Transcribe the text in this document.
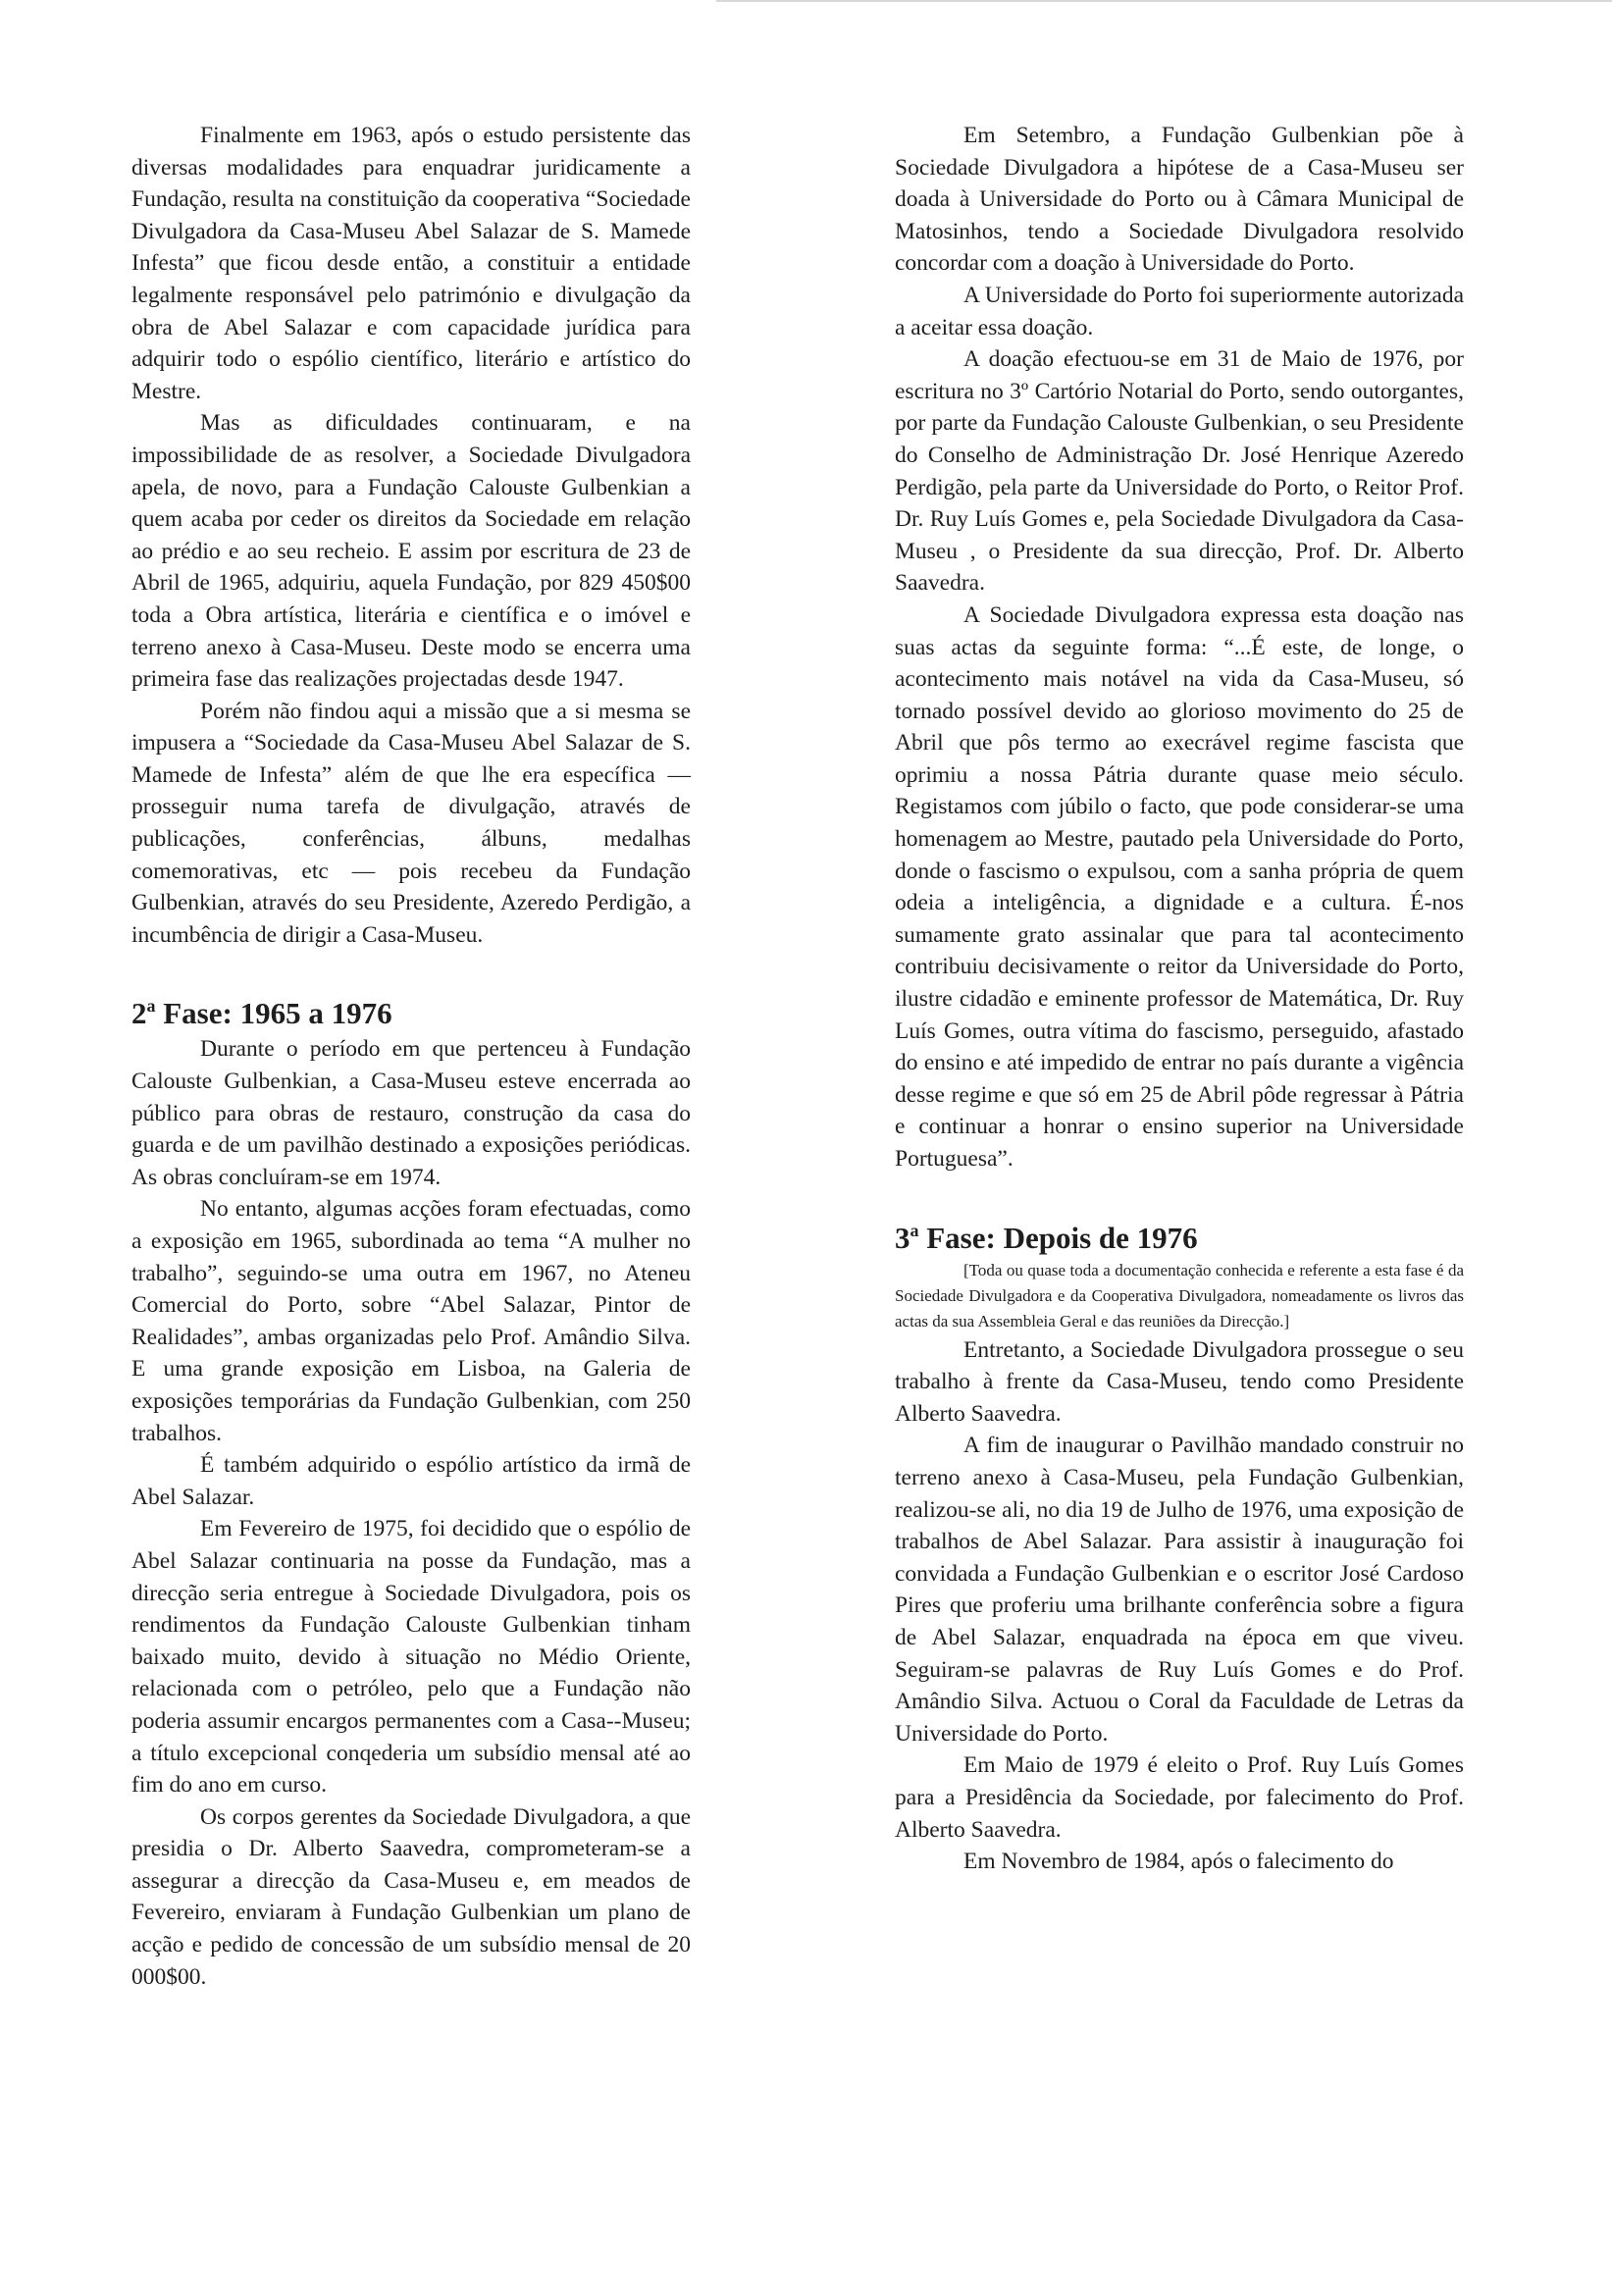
Finalmente em 1963, após o estudo persistente das diversas modalidades para enquadrar juridicamente a Fundação, resulta na constituição da cooperativa “Sociedade Divulgadora da Casa-Museu Abel Salazar de S. Mamede Infesta” que ficou desde então, a constituir a entidade legalmente responsável pelo património e divulgação da obra de Abel Salazar e com capacidade jurídica para adquirir todo o espólio científico, literário e artístico do Mestre.

Mas as dificuldades continuaram, e na impossibilidade de as resolver, a Sociedade Divulgadora apela, de novo, para a Fundação Calouste Gulbenkian a quem acaba por ceder os direitos da Sociedade em relação ao prédio e ao seu recheio. E assim por escritura de 23 de Abril de 1965, adquiriu, aquela Fundação, por 829 450$00 toda a Obra artística, literária e científica e o imóvel e terreno anexo à Casa-Museu. Deste modo se encerra uma primeira fase das realizações projectadas desde 1947.

Porém não findou aqui a missão que a si mesma se impusera a “Sociedade da Casa-Museu Abel Salazar de S. Mamede de Infesta” além de que lhe era específica — prosseguir numa tarefa de divulgação, através de publicações, conferências, álbuns, medalhas comemorativas, etc — pois recebeu da Fundação Gulbenkian, através do seu Presidente, Azeredo Perdigão, a incumbência de dirigir a Casa-Museu.

2$^a$ Fase: 1965 a 1976

Durante o período em que pertenceu à Fundação Calouste Gulbenkian, a Casa-Museu esteve encerrada ao público para obras de restauro, construção da casa do guarda e de um pavilhão destinado a exposições periódicas. As obras concluíram-se em 1974.

No entanto, algumas acções foram efectuadas, como a exposição em 1965, subordinada ao tema “A mulher no trabalho”, seguindo-se uma outra em 1967, no Ateneu Comercial do Porto, sobre “Abel Salazar, Pintor de Realidades”, ambas organizadas pelo Prof. Amândio Silva. E uma grande exposição em Lisboa, na Galeria de exposições temporárias da Fundação Gulbenkian, com 250 trabalhos.

É também adquirido o espólio artístico da irmã de Abel Salazar.

Em Fevereiro de 1975, foi decidido que o espólio de Abel Salazar continuaria na posse da Fundação, mas a direcção seria entregue à Sociedade Divulgadora, pois os rendimentos da Fundação Calouste Gulbenkian tinham baixado muito, devido à situação no Médio Oriente, relacionada com o petróleo, pelo que a Fundação não poderia assumir encargos permanentes com a Casa--Museu; a título excepcional conqederia um subsídio mensal até ao fim do ano em curso.

Os corpos gerentes da Sociedade Divulgadora, a que presidia o Dr. Alberto Saavedra, comprometeram-se a assegurar a direcção da Casa-Museu e, em meados de Fevereiro, enviaram à Fundação Gulbenkian um plano de acção e pedido de concessão de um subsídio mensal de 20 000$00.

Em Setembro, a Fundação Gulbenkian põe à Sociedade Divulgadora a hipótese de a Casa-Museu ser doada à Universidade do Porto ou à Câmara Municipal de Matosinhos, tendo a Sociedade Divulgadora resolvido concordar com a doação à Universidade do Porto.

A Universidade do Porto foi superiormente autorizada a aceitar essa doação.

A doação efectuou-se em 31 de Maio de 1976, por escritura no 3º Cartório Notarial do Porto, sendo outorgantes, por parte da Fundação Calouste Gulbenkian, o seu Presidente do Conselho de Administração Dr. José Henrique Azeredo Perdigão, pela parte da Universidade do Porto, o Reitor Prof. Dr. Ruy Luís Gomes e, pela Sociedade Divulgadora da Casa-Museu , o Presidente da sua direcção, Prof. Dr. Alberto Saavedra.

A Sociedade Divulgadora expressa esta doação nas suas actas da seguinte forma: “...É este, de longe, o acontecimento mais notável na vida da Casa-Museu, só tornado possível devido ao glorioso movimento do 25 de Abril que pôs termo ao execrável regime fascista que oprimiu a nossa Pátria durante quase meio século. Registamos com júbilo o facto, que pode considerar-se uma homenagem ao Mestre, pautado pela Universidade do Porto, donde o fascismo o expulsou, com a sanha própria de quem odeia a inteligência, a dignidade e a cultura. É-nos sumamente grato assinalar que para tal acontecimento contribuiu decisivamente o reitor da Universidade do Porto, ilustre cidadão e eminente professor de Matemática, Dr. Ruy Luís Gomes, outra vítima do fascismo, perseguido, afastado do ensino e até impedido de entrar no país durante a vigência desse regime e que só em 25 de Abril pôde regressar à Pátria e continuar a honrar o ensino superior na Universidade Portuguesa”.

3$^a$ Fase: Depois de 1976

[Toda ou quase toda a documentação conhecida e referente a esta fase é da Sociedade Divulgadora e da Cooperativa Divulgadora, nomeadamente os livros das actas da sua Assembleia Geral e das reuniões da Direcção.]

Entretanto, a Sociedade Divulgadora prossegue o seu trabalho à frente da Casa-Museu, tendo como Presidente Alberto Saavedra.

A fim de inaugurar o Pavilhão mandado construir no terreno anexo à Casa-Museu, pela Fundação Gulbenkian, realizou-se ali, no dia 19 de Julho de 1976, uma exposição de trabalhos de Abel Salazar. Para assistir à inauguração foi convidada a Fundação Gulbenkian e o escritor José Cardoso Pires que proferiu uma brilhante conferência sobre a figura de Abel Salazar, enquadrada na época em que viveu. Seguiram-se palavras de Ruy Luís Gomes e do Prof. Amândio Silva. Actuou o Coral da Faculdade de Letras da Universidade do Porto.

Em Maio de 1979 é eleito o Prof. Ruy Luís Gomes para a Presidência da Sociedade, por falecimento do Prof. Alberto Saavedra.

Em Novembro de 1984, após o falecimento do
